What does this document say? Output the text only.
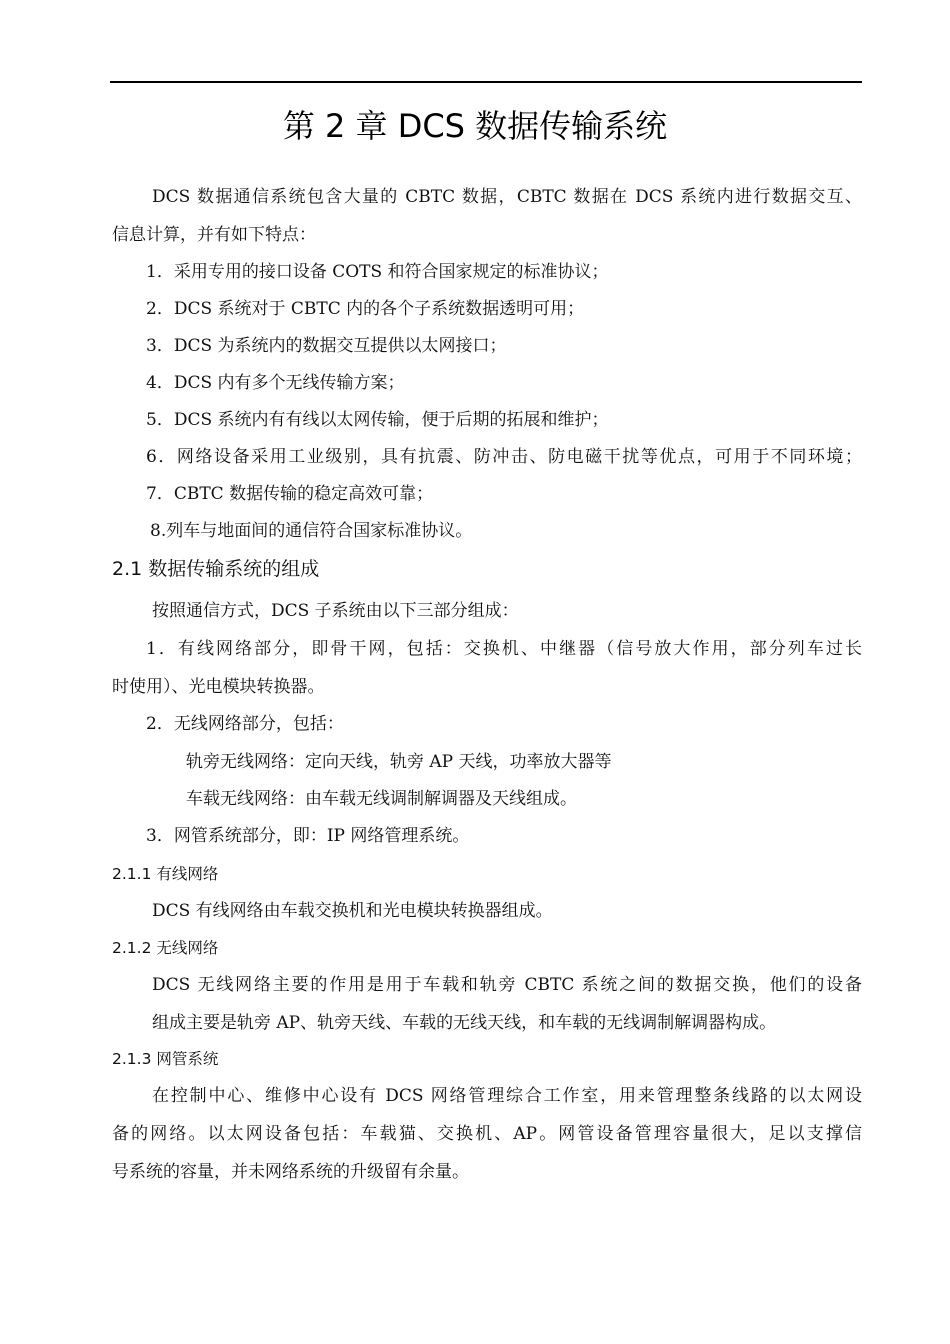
第 2 章 DCS 数据传输系统
DCS 数据通信系统包含大量的 CBTC 数据，CBTC 数据在 DCS 系统内进行数据交互、
信息计算，并有如下特点：
1．采用专用的接口设备 COTS 和符合国家规定的标准协议；
2．DCS 系统对于 CBTC 内的各个子系统数据透明可用；
3．DCS 为系统内的数据交互提供以太网接口；
4．DCS 内有多个无线传输方案；
5．DCS 系统内有有线以太网传输，便于后期的拓展和维护；
6．网络设备采用工业级别，具有抗震、防冲击、防电磁干扰等优点，可用于不同环境；
7．CBTC 数据传输的稳定高效可靠；
8.列车与地面间的通信符合国家标准协议。
2.1 数据传输系统的组成
按照通信方式，DCS 子系统由以下三部分组成：
1．有线网络部分，即骨干网，包括：交换机、中继器（信号放大作用，部分列车过长
时使用）、光电模块转换器。
2．无线网络部分，包括：
轨旁无线网络：定向天线，轨旁 AP 天线，功率放大器等
车载无线网络：由车载无线调制解调器及天线组成。
3．网管系统部分，即：IP 网络管理系统。
2.1.1 有线网络
DCS 有线网络由车载交换机和光电模块转换器组成。
2.1.2 无线网络
DCS 无线网络主要的作用是用于车载和轨旁 CBTC 系统之间的数据交换，他们的设备
组成主要是轨旁 AP、轨旁天线、车载的无线天线，和车载的无线调制解调器构成。
2.1.3 网管系统
在控制中心、维修中心设有 DCS 网络管理综合工作室，用来管理整条线路的以太网设
备的网络。以太网设备包括：车载猫、交换机、AP。网管设备管理容量很大，足以支撑信
号系统的容量，并未网络系统的升级留有余量。
